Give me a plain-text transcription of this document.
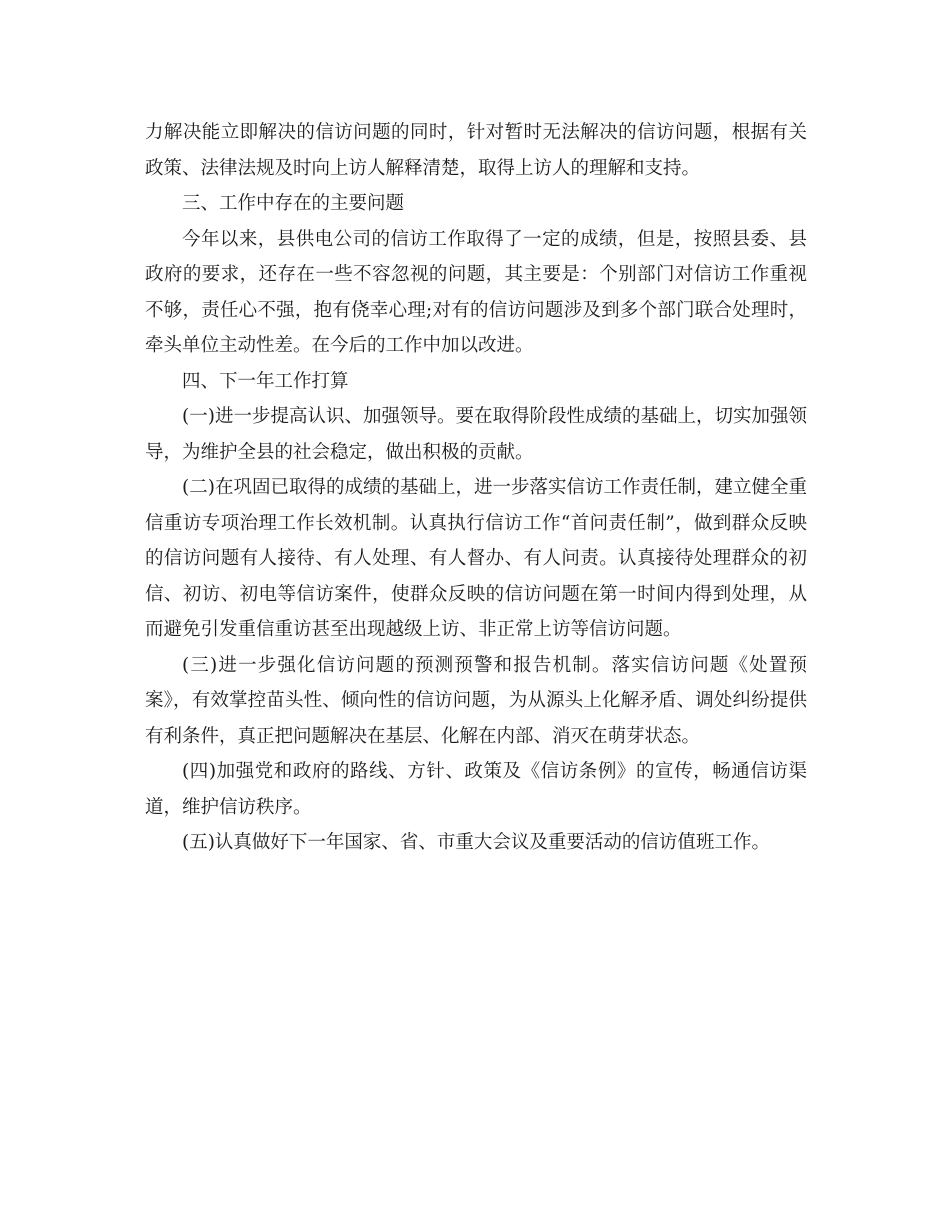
力解决能立即解决的信访问题的同时，针对暂时无法解决的信访问题，根据有关政策、法律法规及时向上访人解释清楚，取得上访人的理解和支持。

三、工作中存在的主要问题

今年以来，县供电公司的信访工作取得了一定的成绩，但是，按照县委、县政府的要求，还存在一些不容忽视的问题，其主要是：个别部门对信访工作重视不够，责任心不强，抱有侥幸心理;对有的信访问题涉及到多个部门联合处理时，牵头单位主动性差。在今后的工作中加以改进。

四、下一年工作打算

(一)进一步提高认识、加强领导。要在取得阶段性成绩的基础上，切实加强领导，为维护全县的社会稳定，做出积极的贡献。

(二)在巩固已取得的成绩的基础上，进一步落实信访工作责任制，建立健全重信重访专项治理工作长效机制。认真执行信访工作“首问责任制”，做到群众反映的信访问题有人接待、有人处理、有人督办、有人问责。认真接待处理群众的初信、初访、初电等信访案件，使群众反映的信访问题在第一时间内得到处理，从而避免引发重信重访甚至出现越级上访、非正常上访等信访问题。

(三)进一步强化信访问题的预测预警和报告机制。落实信访问题《处置预案》，有效掌控苗头性、倾向性的信访问题，为从源头上化解矛盾、调处纠纷提供有利条件，真正把问题解决在基层、化解在内部、消灭在萌芽状态。

(四)加强党和政府的路线、方针、政策及《信访条例》的宣传，畅通信访渠道，维护信访秩序。

(五)认真做好下一年国家、省、市重大会议及重要活动的信访值班工作。
